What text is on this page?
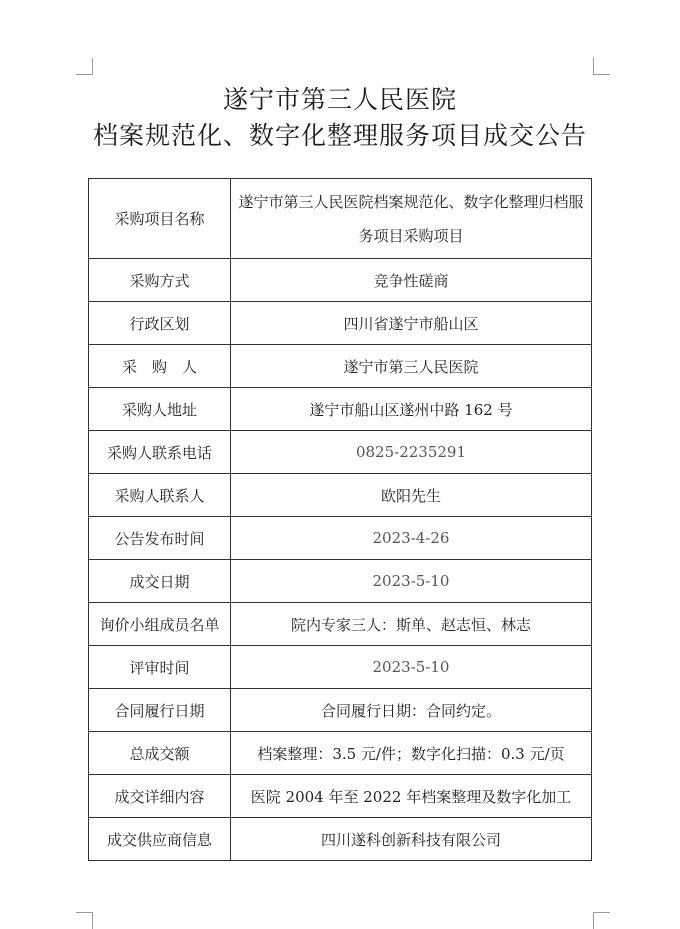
遂宁市第三人民医院
档案规范化、数字化整理服务项目成交公告
采购项目名称	遂宁市第三人民医院档案规范化、数字化整理归档服务项目采购项目
采购方式	竞争性磋商
行政区划	四川省遂宁市船山区
采　购　人	遂宁市第三人民医院
采购人地址	遂宁市船山区遂州中路 162 号
采购人联系电话	0825-2235291
采购人联系人	欧阳先生
公告发布时间	2023-4-26
成交日期	2023-5-10
询价小组成员名单	院内专家三人：斯单、赵志恒、林志
评审时间	2023-5-10
合同履行日期	合同履行日期：合同约定。
总成交额	档案整理：3.5 元/件；数字化扫描：0.3 元/页
成交详细内容	医院 2004 年至 2022 年档案整理及数字化加工
成交供应商信息	四川遂科创新科技有限公司
